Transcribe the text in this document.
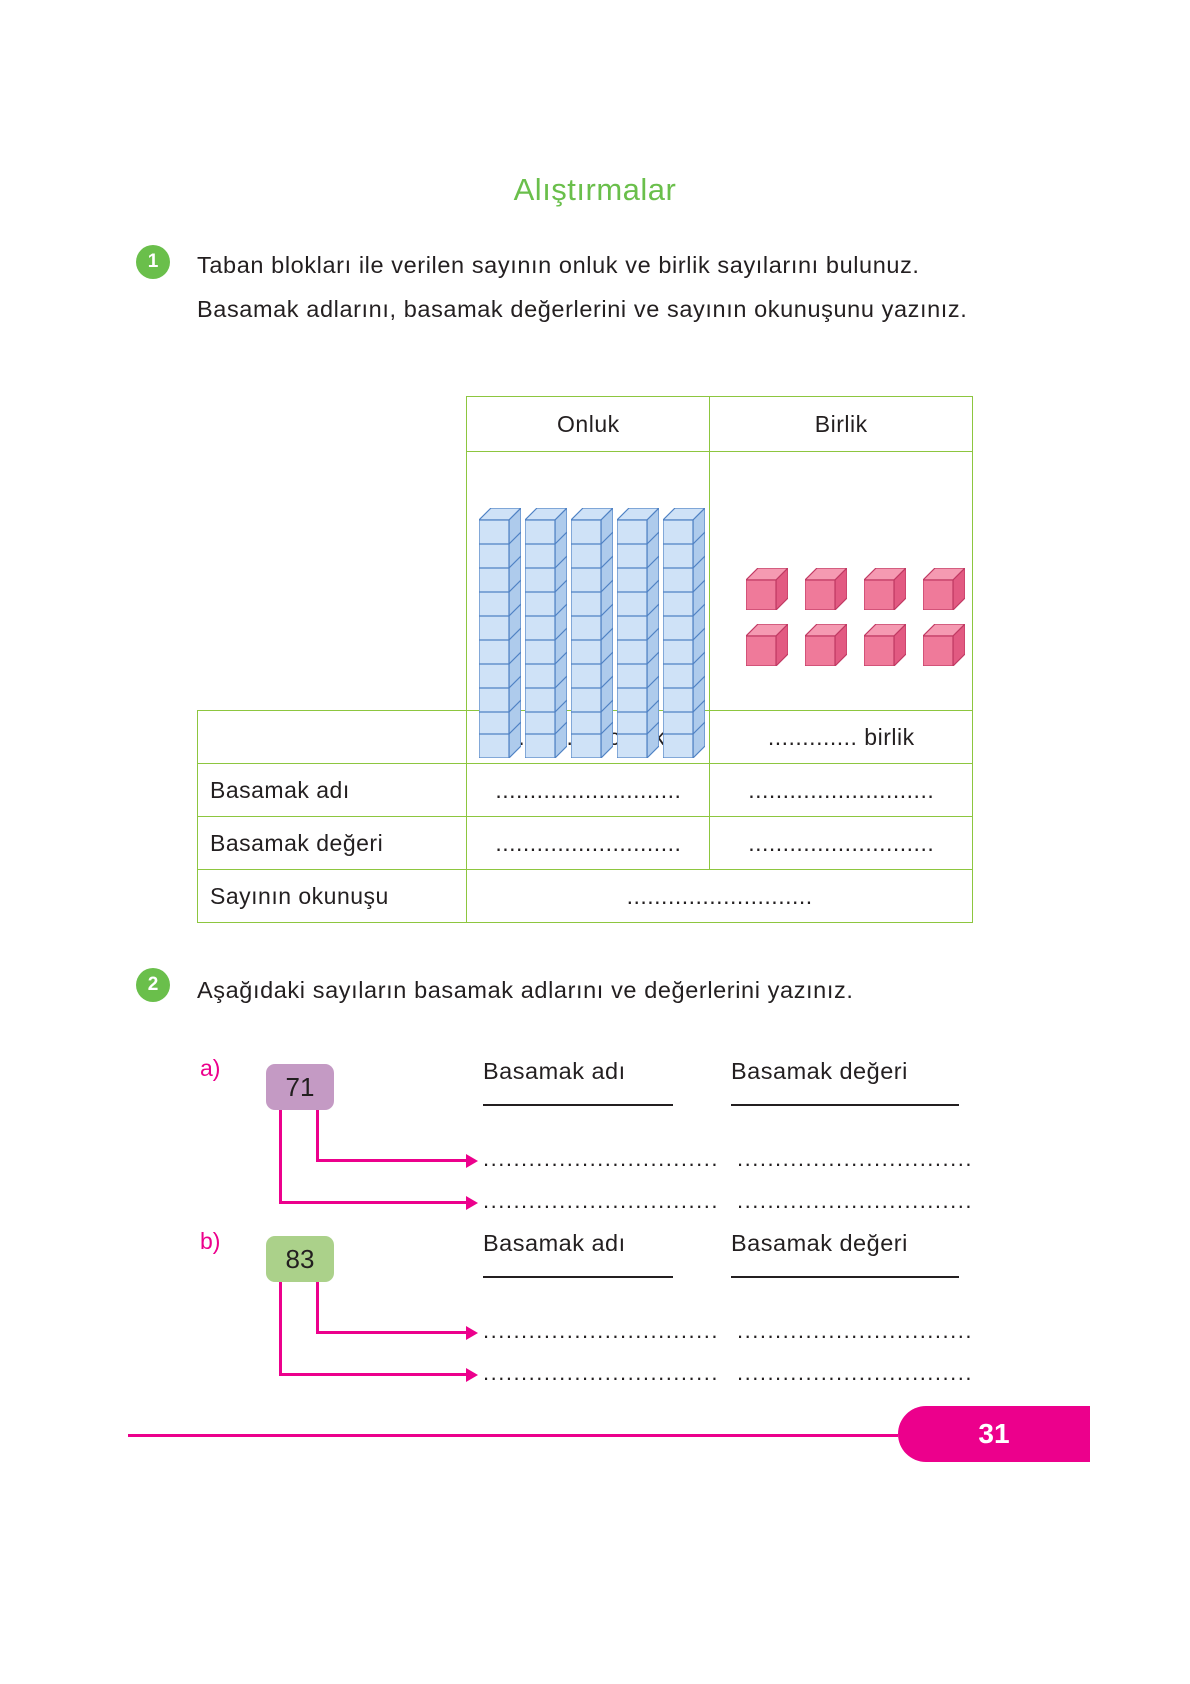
Alıştırmalar
1	Taban blokları ile verilen sayının onluk ve birlik sayılarını bulunuz. Basamak adlarını, basamak değerlerini ve sayının okunuşunu yazınız.
	Onluk	Birlik

		............. birlik
Basamak adı	...........................	...........................
Basamak değeri	...........................	...........................
Sayının okunuşu	...........................	
2	Aşağıdaki sayıların basamak adlarını ve değerlerini yazınız.
a)
71
Basamak adı	Basamak değeri
............................... ...............................
............................... ...............................
b)
83
Basamak adı	Basamak değeri
............................... ...............................
............................... ...............................
31
